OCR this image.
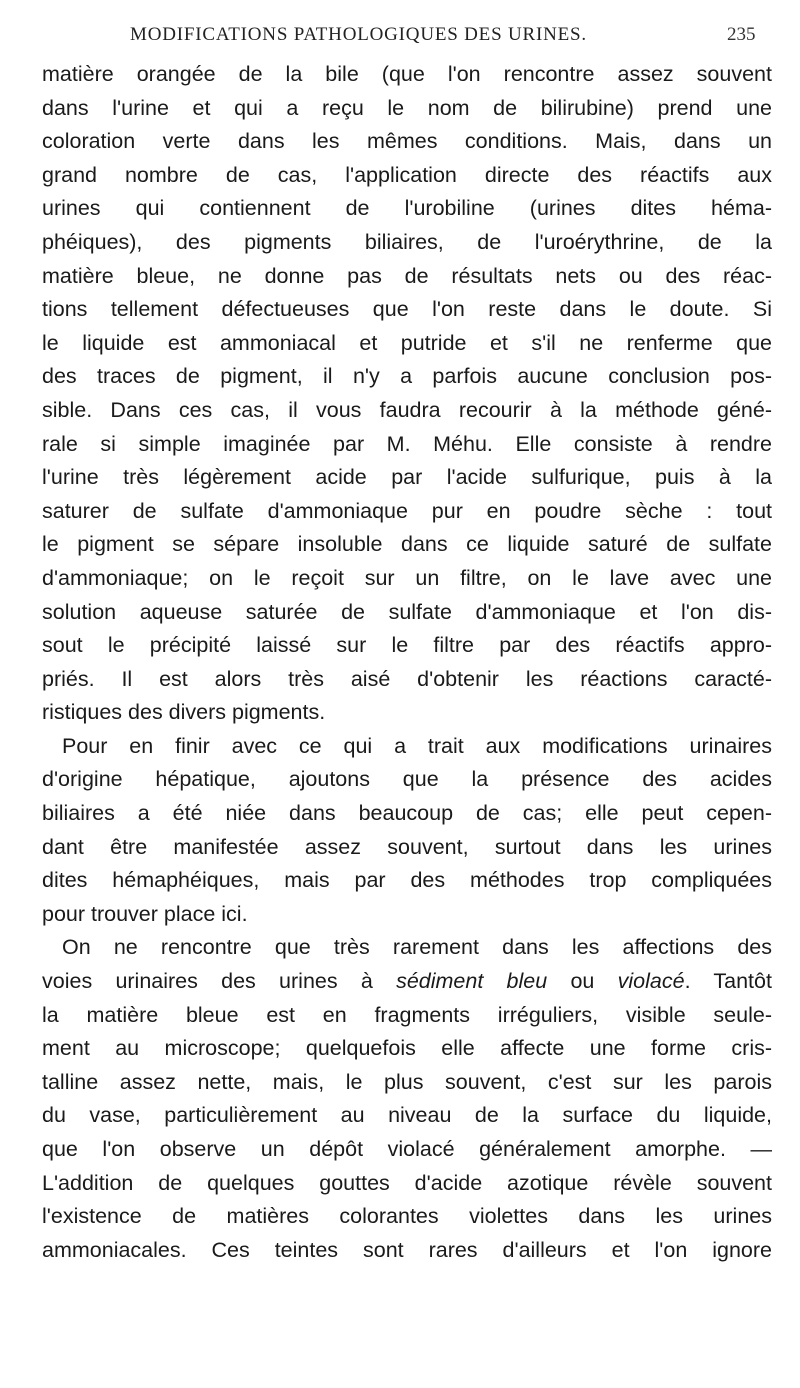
MODIFICATIONS PATHOLOGIQUES DES URINES.	235
matière orangée de la bile (que l'on rencontre assez souvent
dans l'urine et qui a reçu le nom de bilirubine) prend une
coloration verte dans les mêmes conditions. Mais, dans un
grand nombre de cas, l'application directe des réactifs aux
urines qui contiennent de l'urobiline (urines dites héma-
phéiques), des pigments biliaires, de l'uroérythrine, de la
matière bleue, ne donne pas de résultats nets ou des réac-
tions tellement défectueuses que l'on reste dans le doute. Si
le liquide est ammoniacal et putride et s'il ne renferme que
des traces de pigment, il n'y a parfois aucune conclusion pos-
sible. Dans ces cas, il vous faudra recourir à la méthode géné-
rale si simple imaginée par M. Méhu. Elle consiste à rendre
l'urine très légèrement acide par l'acide sulfurique, puis à la
saturer de sulfate d'ammoniaque pur en poudre sèche : tout
le pigment se sépare insoluble dans ce liquide saturé de sulfate
d'ammoniaque; on le reçoit sur un filtre, on le lave avec une
solution aqueuse saturée de sulfate d'ammoniaque et l'on dis-
sout le précipité laissé sur le filtre par des réactifs appro-
priés. Il est alors très aisé d'obtenir les réactions caracté-
ristiques des divers pigments.
Pour en finir avec ce qui a trait aux modifications urinaires
d'origine hépatique, ajoutons que la présence des acides
biliaires a été niée dans beaucoup de cas; elle peut cepen-
dant être manifestée assez souvent, surtout dans les urines
dites hémaphéiques, mais par des méthodes trop compliquées
pour trouver place ici.
On ne rencontre que très rarement dans les affections des
voies urinaires des urines à sédiment bleu ou violacé. Tantôt
la matière bleue est en fragments irréguliers, visible seule-
ment au microscope; quelquefois elle affecte une forme cris-
talline assez nette, mais, le plus souvent, c'est sur les parois
du vase, particulièrement au niveau de la surface du liquide,
que l'on observe un dépôt violacé généralement amorphe. —
L'addition de quelques gouttes d'acide azotique révèle souvent
l'existence de matières colorantes violettes dans les urines
ammoniacales. Ces teintes sont rares d'ailleurs et l'on ignore
